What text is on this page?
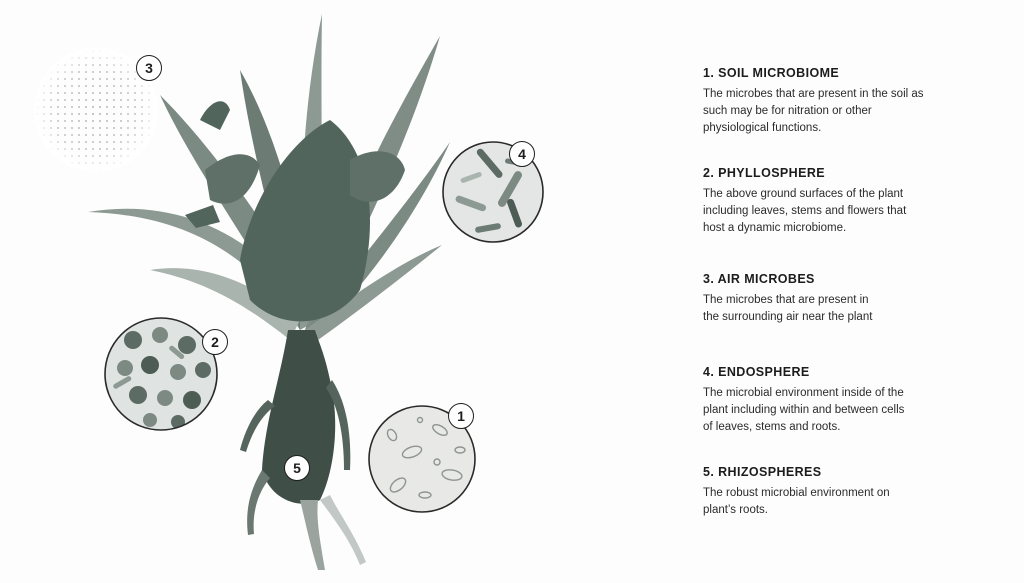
1
2
3
4
5
1. SOIL MICROBIOME
The microbes that are present in the soil as
such may be for nitration or other
physiological functions.
2. PHYLLOSPHERE
The above ground surfaces of the plant
including leaves, stems and flowers that
host a dynamic microbiome.
3. AIR MICROBES
The microbes that are present in
the surrounding air near the plant
4. ENDOSPHERE
The microbial environment inside of the
plant including within and between cells
of leaves, stems and roots.
5. RHIZOSPHERES
The robust microbial environment on
plant’s roots.
